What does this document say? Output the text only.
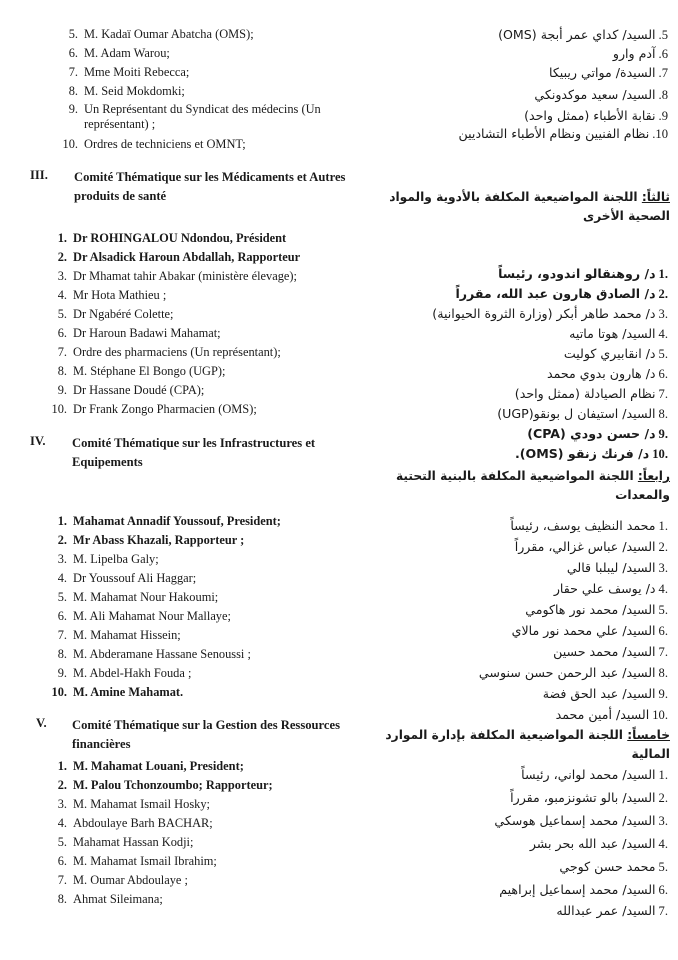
5. M. Kadaï Oumar Abatcha (OMS);
6. M. Adam Warou;
7. Mme Moiti Rebecca;
8. M. Seid Mokdomki;
9. Un Représentant du Syndicat des médecins (Un représentant) ;
10. Ordres de techniciens et OMNT;
III. Comité Thématique sur les Médicaments et Autres produits de santé
1. Dr ROHINGALOU Ndondou, Président
2. Dr Alsadick Haroun Abdallah, Rapporteur
3. Dr Mhamat tahir Abakar (ministère élevage);
4. Mr Hota Mathieu ;
5. Dr Ngabéré Colette;
6. Dr Haroun Badawi Mahamat;
7. Ordre des pharmaciens (Un représentant);
8. M. Stéphane El Bongo (UGP);
9. Dr Hassane Doudé (CPA);
10. Dr Frank Zongo Pharmacien (OMS);
IV. Comité Thématique sur les Infrastructures et Equipements
1. Mahamat Annadif Youssouf, President;
2. Mr Abass Khazali, Rapporteur ;
3. M. Lipelba Galy;
4. Dr Youssouf Ali Haggar;
5. M. Mahamat Nour Hakoumi;
6. M. Ali Mahamat Nour Mallaye;
7. M. Mahamat Hissein;
8. M. Abderamane Hassane Senoussi ;
9. M. Abdel-Hakh Fouda ;
10. M. Amine Mahamat.
V. Comité Thématique sur la Gestion des Ressources financières
1. M. Mahamat Louani, President;
2. M. Palou Tchonzoumbo; Rapporteur;
3. M. Mahamat Ismail Hosky;
4. Abdoulaye Barh BACHAR;
5. Mahamat Hassan Kodji;
6. M. Mahamat Ismail Ibrahim;
7. M. Oumar Abdoulaye ;
8. Ahmat Sileimana;
5.السيد/ كداي عمر أبجة (OMS)
6.آدم وارو
7.السيدة/ مواتي ريبيكا
8.السيد/ سعيد موكدونكي
9.نقابة الأطباء (ممثل واحد)
10.نظام الفنيين ونظام الأطباء التشاديين
ثالثاً: اللجنة المواضيعية المكلفة بالأدوية والمواد الصحية الأخرى
.1د/ روهنقالو اندودو، رئيساً
.2د/ الصادق هارون عبد الله، مقرراً
.3د/ محمد طاهر أبكر (وزارة الثروة الحيوانية)
.4السيد/ هوتا ماتيه
.5د/ انقابيري كوليت
.6د/ هارون بدوي محمد
.7نظام الصيادلة (ممثل واحد)
.8السيد/ استيفان ل بونقو(UGP)
.9د/ حسن دودي (CPA)
.10د/ فرنك زنقو (OMS).
رابعاً: اللجنة المواضيعية المكلفة بالبنية التحتية والمعدات
.1محمد النظيف يوسف، رئيساً
.2السيد/ عباس غزالي، مقرراً
.3السيد/ ليبلبا قالي
.4د/ يوسف علي حقار
.5السيد/ محمد نور هاكومي
.6السيد/ علي محمد نور مالاي
.7السيد/ محمد حسين
.8السيد/ عبد الرحمن حسن سنوسي
.9السيد/ عبد الحق فضة
.10السيد/ أمين محمد
خامساً: اللجنة المواضيعية المكلفة بإدارة الموارد المالية
.1السيد/ محمد لواني، رئيساً
.2السيد/ بالو تشونزمبو، مقرراً
.3السيد/ محمد إسماعيل هوسكي
.4السيد/ عبد الله بحر بشر
.5محمد حسن كوجي
.6السيد/ محمد إسماعيل إبراهيم
.7السيد/ عمر عبدالله
